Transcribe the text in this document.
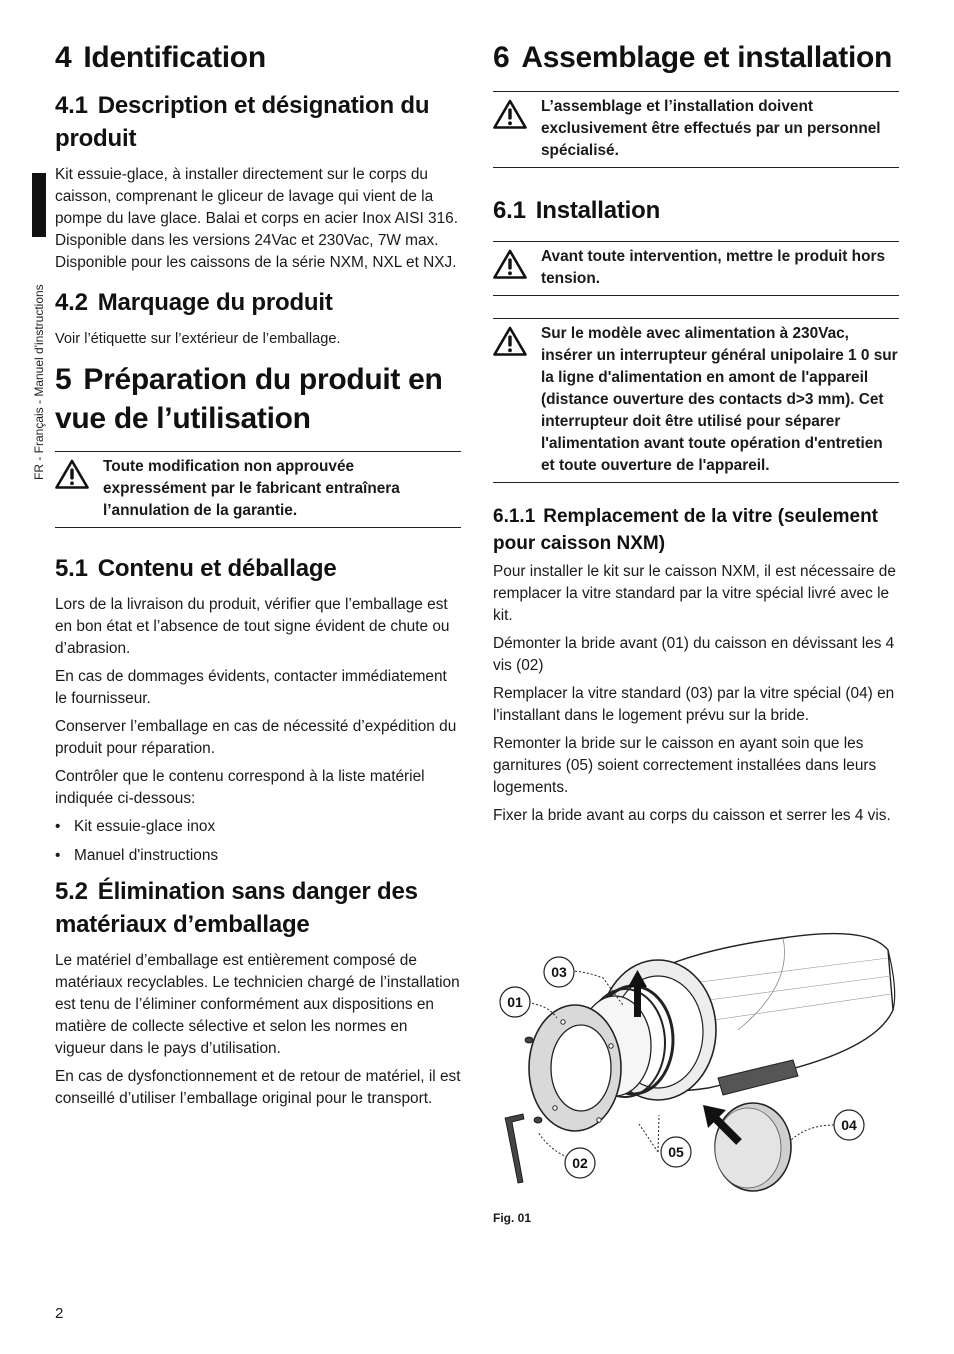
FR - Français - Manuel d'instructions
4 Identification
4.1 Description et désignation du produit

Kit essuie-glace, à installer directement sur le corps du caisson, comprenant le gliceur de lavage qui vient de la pompe du lave glace. Balai et corps en acier Inox AISI 316. Disponible dans les versions 24Vac et 230Vac, 7W max. Disponible pour les caissons de la série NXM, NXL et NXJ.

4.2 Marquage du produit

Voir l’étiquette sur l’extérieur de l’emballage.

5 Préparation du produit en vue de l’utilisation
Toute modification non approuvée expressément par le fabricant entraînera l’annulation de la garantie.
5.1 Contenu et déballage

Lors de la livraison du produit, vérifier que l’emballage est en bon état et l’absence de tout signe évident de chute ou d’abrasion.

En cas de dommages évidents, contacter immédiatement le fournisseur.

Conserver l’emballage en cas de nécessité d’expédition du produit pour réparation.

Contrôler que le contenu correspond à la liste matériel indiquée ci-dessous:

• Kit essuie-glace inox
• Manuel d'instructions
5.2 Élimination sans danger des matériaux d’emballage

Le matériel d’emballage est entièrement composé de matériaux recyclables. Le technicien chargé de l’installation est tenu de l’éliminer conformément aux dispositions en matière de collecte sélective et selon les normes en vigueur dans le pays d’utilisation.

En cas de dysfonctionnement et de retour de matériel, il est conseillé d’utiliser l’emballage original pour le transport.

6 Assemblage et installation
L’assemblage et l’installation doivent exclusivement être effectués par un personnel spécialisé.
6.1 Installation
Avant toute intervention, mettre le produit hors tension.
Sur le modèle avec alimentation à 230Vac, insérer un interrupteur général unipolaire 1 0 sur la ligne d'alimentation en amont de l'appareil (distance ouverture des contacts d>3 mm). Cet interrupteur doit être utilisé pour séparer l'alimentation avant toute opération d'entretien et toute ouverture de l'appareil.
6.1.1 Remplacement de la vitre (seulement pour caisson NXM)

Pour installer le kit sur le caisson NXM, il est nécessaire de remplacer la vitre standard par la vitre spécial livré avec le kit.

Démonter la bride avant (01) du caisson en dévissant les 4 vis (02)

Remplacer la vitre standard (03) par la vitre spécial (04) en l'installant dans le logement prévu sur la bride.

Remonter la bride sur le caisson en ayant soin que les garnitures (05) soient correctement installées dans leurs logements.

Fixer la bride avant au corps du caisson et serrer les 4 vis.

01
03
02
05
04
Fig. 01
2
